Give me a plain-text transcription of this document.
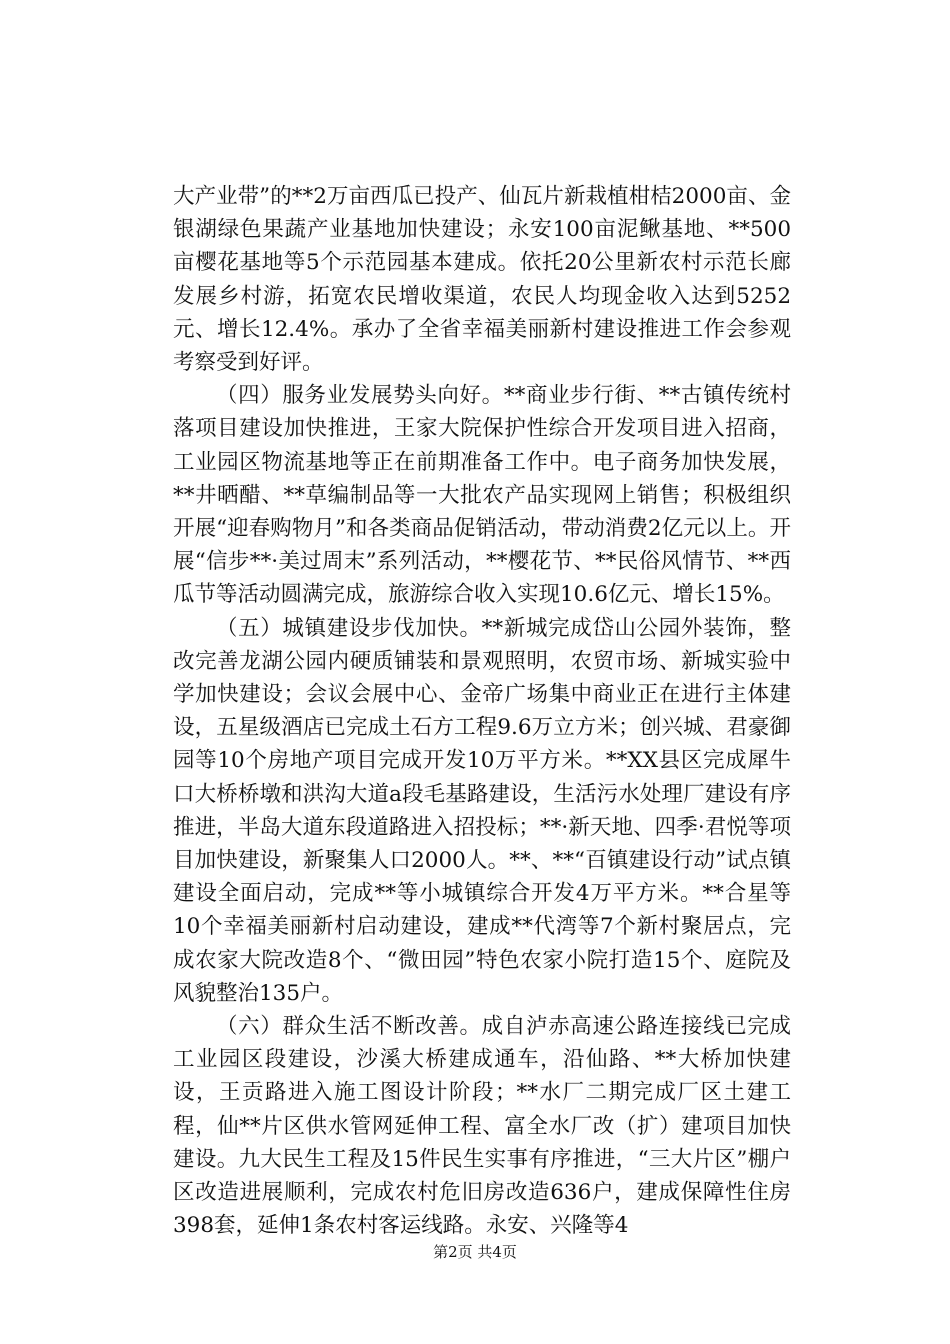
大产业带”的**2万亩西瓜已投产、仙瓦片新栽植柑桔2000亩、金银湖绿色果蔬产业基地加快建设；永安100亩泥鳅基地、**500亩樱花基地等5个示范园基本建成。依托20公里新农村示范长廊发展乡村游，拓宽农民增收渠道，农民人均现金收入达到5252元、增长12.4%。承办了全省幸福美丽新村建设推进工作会参观考察受到好评。

（四）服务业发展势头向好。**商业步行街、**古镇传统村落项目建设加快推进，王家大院保护性综合开发项目进入招商，工业园区物流基地等正在前期准备工作中。电子商务加快发展，**井晒醋、**草编制品等一大批农产品实现网上销售；积极组织开展“迎春购物月”和各类商品促销活动，带动消费2亿元以上。开展“信步**·美过周末”系列活动，**樱花节、**民俗风情节、**西瓜节等活动圆满完成，旅游综合收入实现10.6亿元、增长15%。

（五）城镇建设步伐加快。**新城完成岱山公园外装饰，整改完善龙湖公园内硬质铺装和景观照明，农贸市场、新城实验中学加快建设；会议会展中心、金帝广场集中商业正在进行主体建设，五星级酒店已完成土石方工程9.6万立方米；创兴城、君豪御园等10个房地产项目完成开发10万平方米。**XX县区完成犀牛口大桥桥墩和洪沟大道a段毛基路建设，生活污水处理厂建设有序推进，半岛大道东段道路进入招投标；**·新天地、四季·君悦等项目加快建设，新聚集人口2000人。**、**“百镇建设行动”试点镇建设全面启动，完成**等小城镇综合开发4万平方米。**合星等10个幸福美丽新村启动建设，建成**代湾等7个新村聚居点，完成农家大院改造8个、“微田园”特色农家小院打造15个、庭院及风貌整治135户。

（六）群众生活不断改善。成自泸赤高速公路连接线已完成工业园区段建设，沙溪大桥建成通车，沿仙路、**大桥加快建设，王贡路进入施工图设计阶段；**水厂二期完成厂区土建工程，仙**片区供水管网延伸工程、富全水厂改（扩）建项目加快建设。九大民生工程及15件民生实事有序推进，“三大片区”棚户区改造进展顺利，完成农村危旧房改造636户，建成保障性住房398套，延伸1条农村客运线路。永安、兴隆等4

第2页 共4页
